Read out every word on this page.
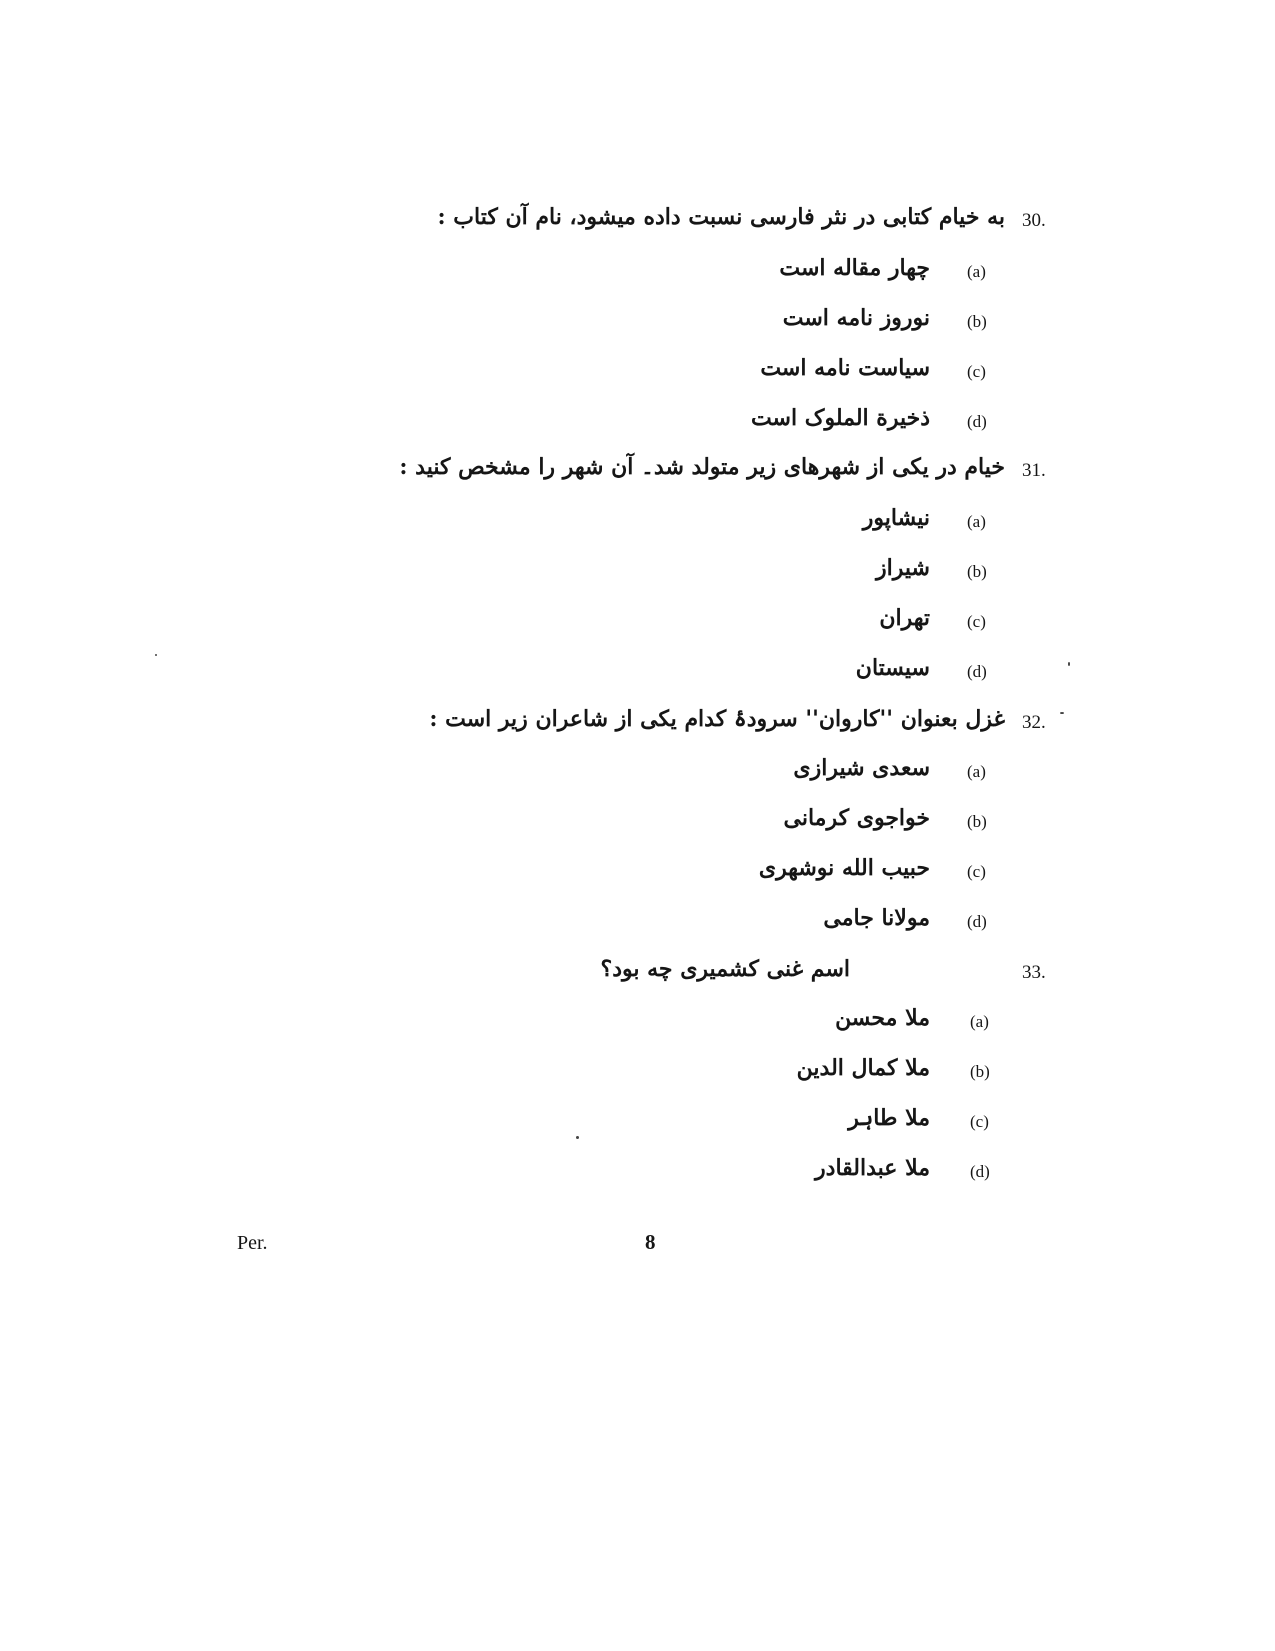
30.
به خیام کتابی در نثر فارسی نسبت داده میشود، نام آن کتاب :
(a)
چهار مقاله است
(b)
نوروز نامه است
(c)
سیاست نامه است
(d)
ذخیرة الملوک است
31.
خیام در یکی از شهرهای زیر متولد شد۔ آن شهر را مشخص کنید :
(a)
نیشاپور
(b)
شیراز
(c)
تهران
(d)
سیستان
32.
غزل بعنوان ''کاروان'' سرودۂ کدام یکی از شاعران زیر است :
(a)
سعدی شیرازی
(b)
خواجوی کرمانی
(c)
حبیب الله نوشهری
(d)
مولانا جامی
33.
اسم غنی کشمیری چه بود؟
(a)
ملا محسن
(b)
ملا کمال الدین
(c)
ملا طاہر
(d)
ملا عبدالقادر
Per.	8
